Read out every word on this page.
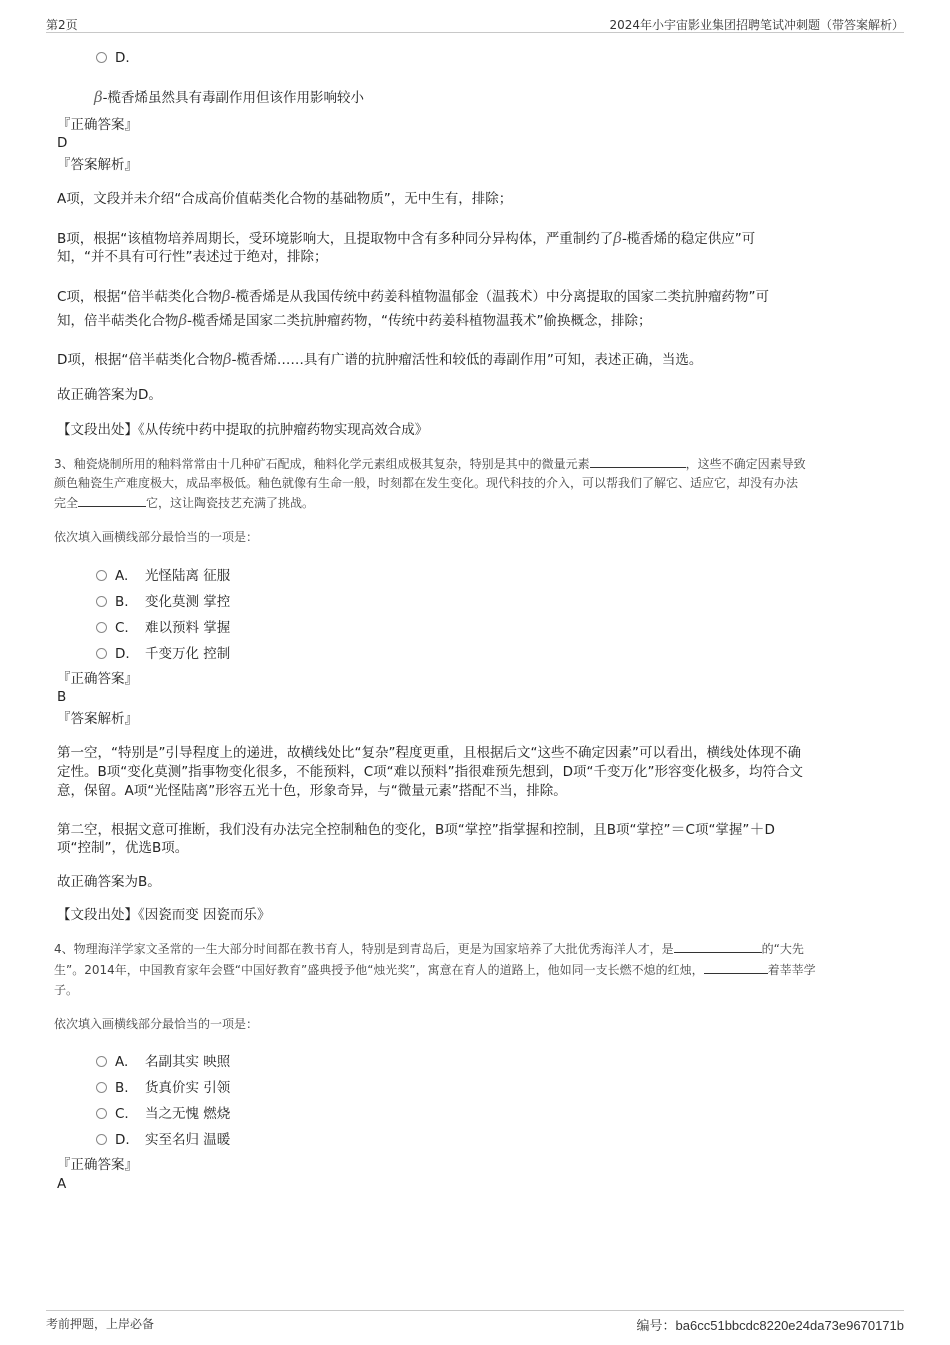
第2页	2024年小宇宙影业集团招聘笔试冲刺题（带答案解析）
D.
β-榄香烯虽然具有毒副作用但该作用影响较小
『正确答案』
D
『答案解析』
A项，文段并未介绍“合成高价值萜类化合物的基础物质”，无中生有，排除；
B项，根据“该植物培养周期长，受环境影响大，且提取物中含有多种同分异构体，严重制约了β-榄香烯的稳定供应”可
知，“并不具有可行性”表述过于绝对，排除；
C项，根据“倍半萜类化合物β-榄香烯是从我国传统中药姜科植物温郁金（温莪术）中分离提取的国家二类抗肿瘤药物”可
知，倍半萜类化合物β-榄香烯是国家二类抗肿瘤药物，“传统中药姜科植物温莪术”偷换概念，排除；
D项，根据“倍半萜类化合物β-榄香烯……具有广谱的抗肿瘤活性和较低的毒副作用”可知，表述正确，当选。
故正确答案为D。
【文段出处】《从传统中药中提取的抗肿瘤药物实现高效合成》
3、釉瓷烧制所用的釉料常常由十几种矿石配成，釉料化学元素组成极其复杂，特别是其中的微量元素	，这些不确定因素导致
颜色釉瓷生产难度极大，成品率极低。釉色就像有生命一般，时刻都在发生变化。现代科技的介入，可以帮我们了解它、适应它，却没有办法
完全	它，这让陶瓷技艺充满了挑战。
依次填入画横线部分最恰当的一项是：
A. 光怪陆离 征服
B. 变化莫测 掌控
C. 难以预料 掌握
D. 千变万化 控制
『正确答案』
B
『答案解析』
第一空，“特别是”引导程度上的递进，故横线处比“复杂”程度更重，且根据后文“这些不确定因素”可以看出，横线处体现不确
定性。B项“变化莫测”指事物变化很多，不能预料，C项“难以预料”指很难预先想到，D项“千变万化”形容变化极多，均符合文
意，保留。A项“光怪陆离”形容五光十色，形象奇异，与“微量元素”搭配不当，排除。
第二空，根据文意可推断，我们没有办法完全控制釉色的变化，B项“掌控”指掌握和控制，且B项“掌控”＝C项“掌握”＋D
项“控制”，优选B项。
故正确答案为B。
【文段出处】《因瓷而变 因瓷而乐》
4、物理海洋学家文圣常的一生大部分时间都在教书育人，特别是到青岛后，更是为国家培养了大批优秀海洋人才，是	的“大先
生”。2014年，中国教育家年会暨“中国好教育”盛典授予他“烛光奖”，寓意在育人的道路上，他如同一支长燃不熄的红烛，	着莘莘学
子。
依次填入画横线部分最恰当的一项是：
A. 名副其实 映照
B. 货真价实 引领
C. 当之无愧 燃烧
D. 实至名归 温暖
『正确答案』
A
考前押题，上岸必备	编号：ba6cc51bbcdc8220e24da73e9670171b
